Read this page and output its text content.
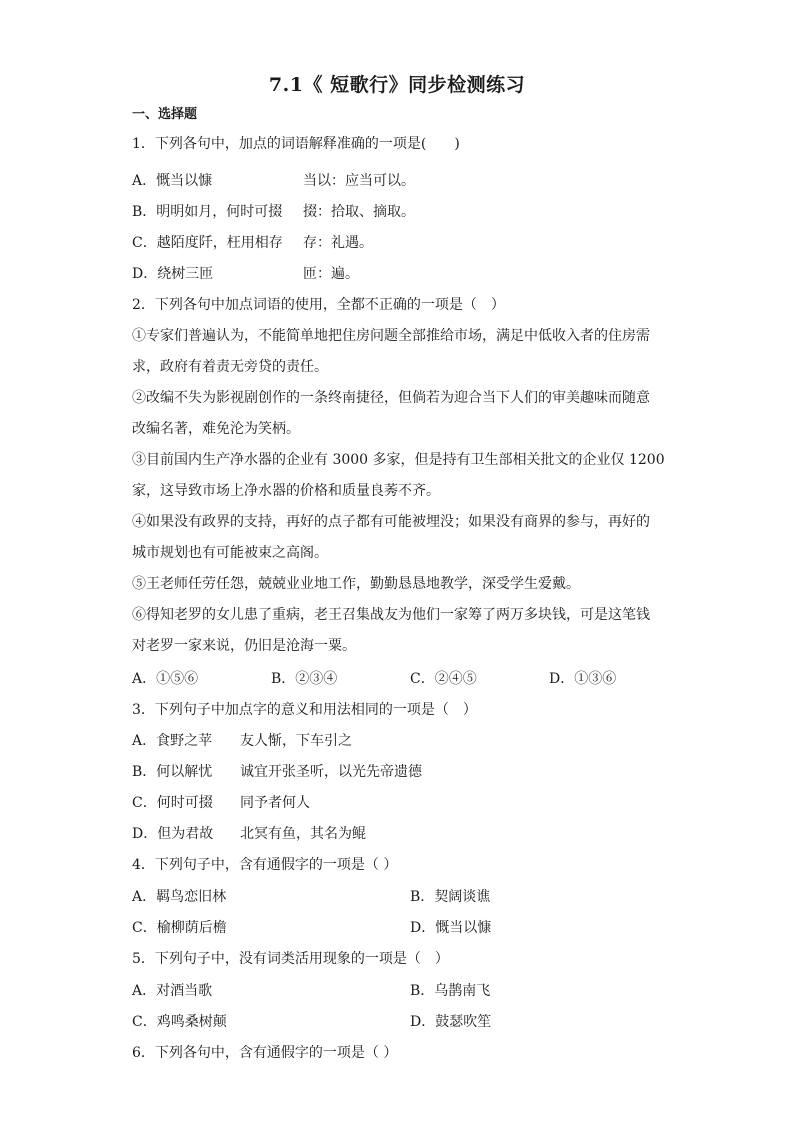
7.1《 短歌行》同步检测练习
一、选择题
1．下列各句中，加点的词语解释准确的一项是(　　)
A．慨当以慷	当以：应当可以。
B．明明如月，何时可掇 掇：拾取、摘取。
C．越陌度阡，枉用相存 存：礼遇。
D．绕树三匝	匝：遍。
2．下列各句中加点词语的使用，全都不正确的一项是（　）
①专家们普遍认为，不能简单地把住房问题全部推给市场，满足中低收入者的住房需
求，政府有着责无旁贷的责任。
②改编不失为影视剧创作的一条终南捷径，但倘若为迎合当下人们的审美趣味而随意
改编名著，难免沦为笑柄。
③目前国内生产净水器的企业有 3000 多家，但是持有卫生部相关批文的企业仅 1200
家，这导致市场上净水器的价格和质量良莠不齐。
④如果没有政界的支持，再好的点子都有可能被埋没；如果没有商界的参与，再好的
城市规划也有可能被束之高阁。
⑤王老师任劳任怨，兢兢业业地工作，勤勤恳恳地教学，深受学生爱戴。
⑥得知老罗的女儿患了重病，老王召集战友为他们一家筹了两万多块钱，可是这笔钱
对老罗一家来说，仍旧是沧海一粟。
A．①⑤⑥	B．②③④	C．②④⑤	D．①③⑥
3．下列句子中加点字的意义和用法相同的一项是（　）
A．食野之苹 友人惭，下车引之
B．何以解忧 诚宜开张圣听，以光先帝遗德
C．何时可掇 同予者何人
D．但为君故 北冥有鱼，其名为鲲
4．下列句子中，含有通假字的一项是（ ）
A．羁鸟恋旧林	B．契阔谈谯
C．榆柳荫后檐	D．慨当以慷
5．下列句子中，没有词类活用现象的一项是（　）
A．对酒当歌	B．乌鹊南飞
C．鸡鸣桑树颠	D．鼓瑟吹笙
6．下列各句中，含有通假字的一项是（ ）
